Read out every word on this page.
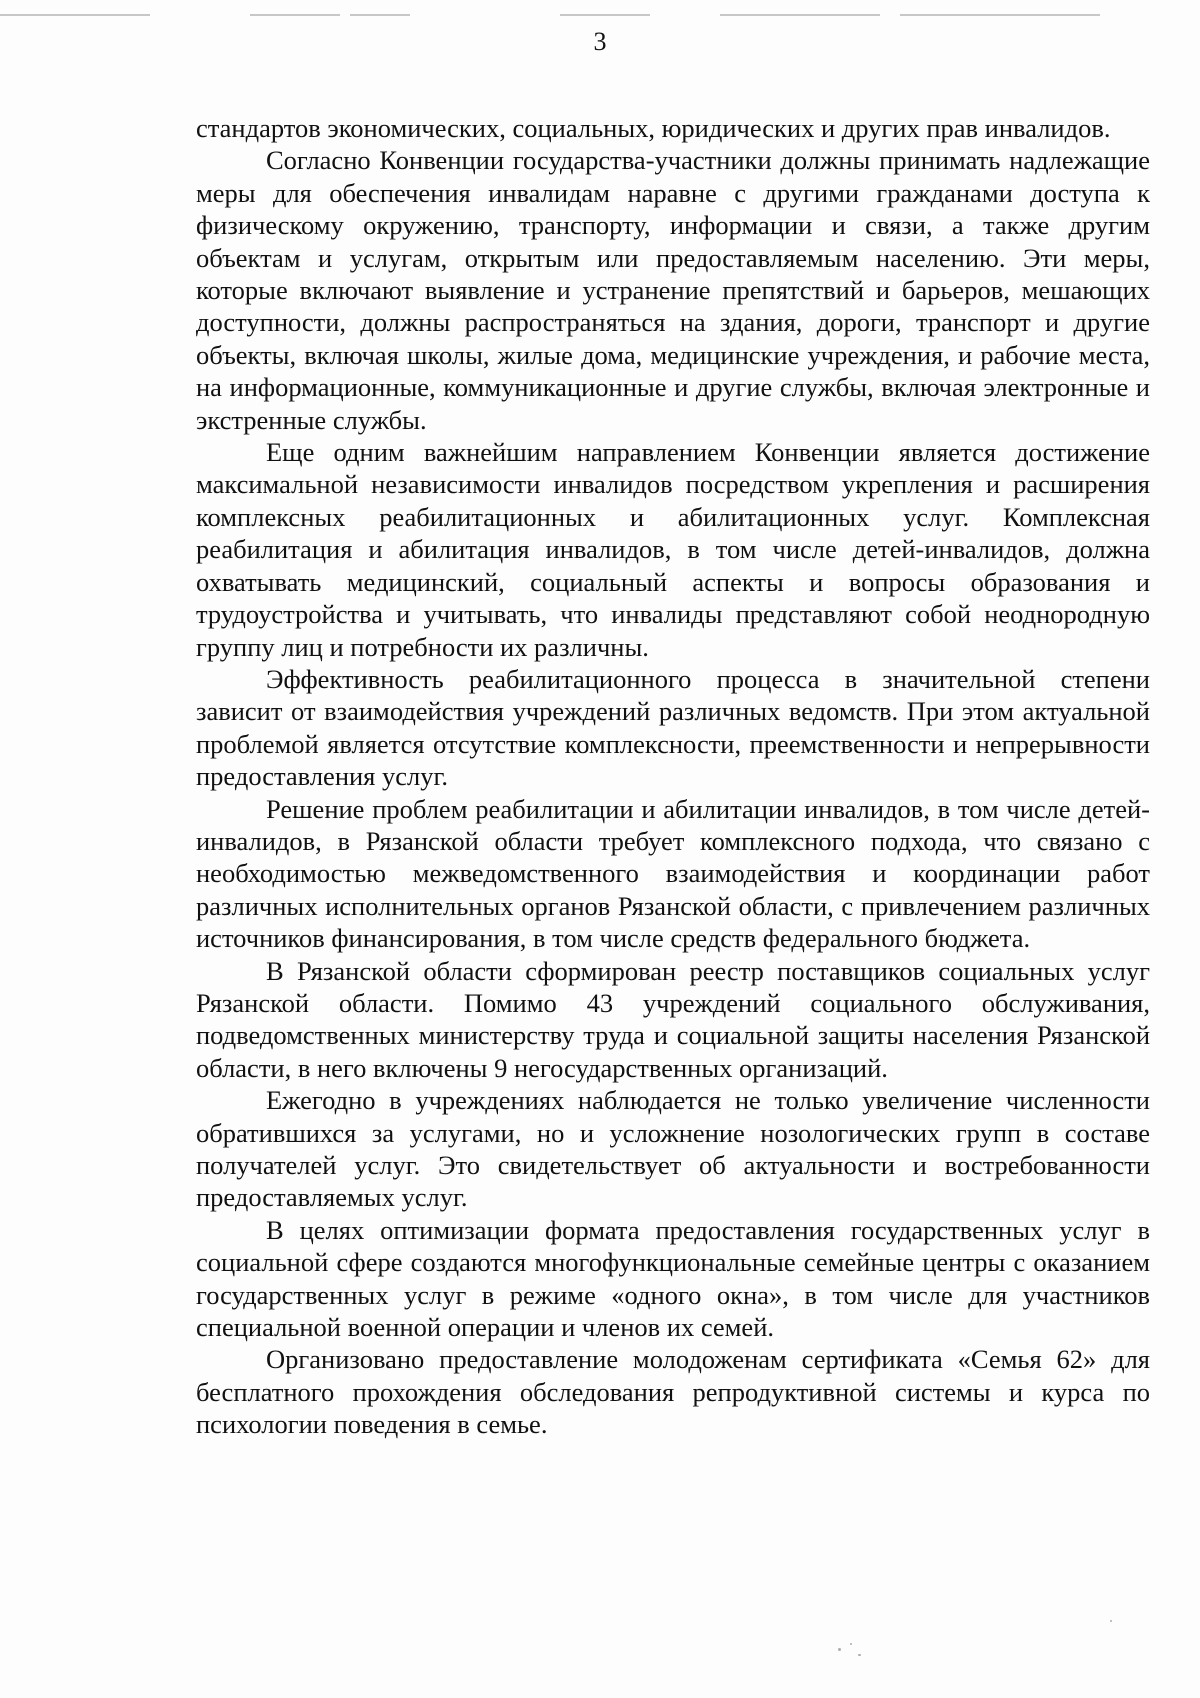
3

стандартов экономических, социальных, юридических и других прав инвалидов.

Согласно Конвенции государства-участники должны принимать надлежащие меры для обеспечения инвалидам наравне с другими гражданами доступа к физическому окружению, транспорту, информации и связи, а также другим объектам и услугам, открытым или предоставляемым населению. Эти меры, которые включают выявление и устранение препятствий и барьеров, мешающих доступности, должны распространяться на здания, дороги, транспорт и другие объекты, включая школы, жилые дома, медицинские учреждения, и рабочие места, на информационные, коммуникационные и другие службы, включая электронные и экстренные службы.

Еще одним важнейшим направлением Конвенции является достижение максимальной независимости инвалидов посредством укрепления и расширения комплексных реабилитационных и абилитационных услуг. Комплексная реабилитация и абилитация инвалидов, в том числе детей-инвалидов, должна охватывать медицинский, социальный аспекты и вопросы образования и трудоустройства и учитывать, что инвалиды представляют собой неоднородную группу лиц и потребности их различны.

Эффективность реабилитационного процесса в значительной степени зависит от взаимодействия учреждений различных ведомств. При этом актуальной проблемой является отсутствие комплексности, преемственности и непрерывности предоставления услуг.

Решение проблем реабилитации и абилитации инвалидов, в том числе детей-инвалидов, в Рязанской области требует комплексного подхода, что связано с необходимостью межведомственного взаимодействия и координации работ различных исполнительных органов Рязанской области, с привлечением различных источников финансирования, в том числе средств федерального бюджета.

В Рязанской области сформирован реестр поставщиков социальных услуг Рязанской области. Помимо 43 учреждений социального обслуживания, подведомственных министерству труда и социальной защиты населения Рязанской области, в него включены 9 негосударственных организаций.

Ежегодно в учреждениях наблюдается не только увеличение численности обратившихся за услугами, но и усложнение нозологических групп в составе получателей услуг. Это свидетельствует об актуальности и востребованности предоставляемых услуг.

В целях оптимизации формата предоставления государственных услуг в социальной сфере создаются многофункциональные семейные центры с оказанием государственных услуг в режиме «одного окна», в том числе для участников специальной военной операции и членов их семей.

Организовано предоставление молодоженам сертификата «Семья 62» для бесплатного прохождения обследования репродуктивной системы и курса по психологии поведения в семье.
